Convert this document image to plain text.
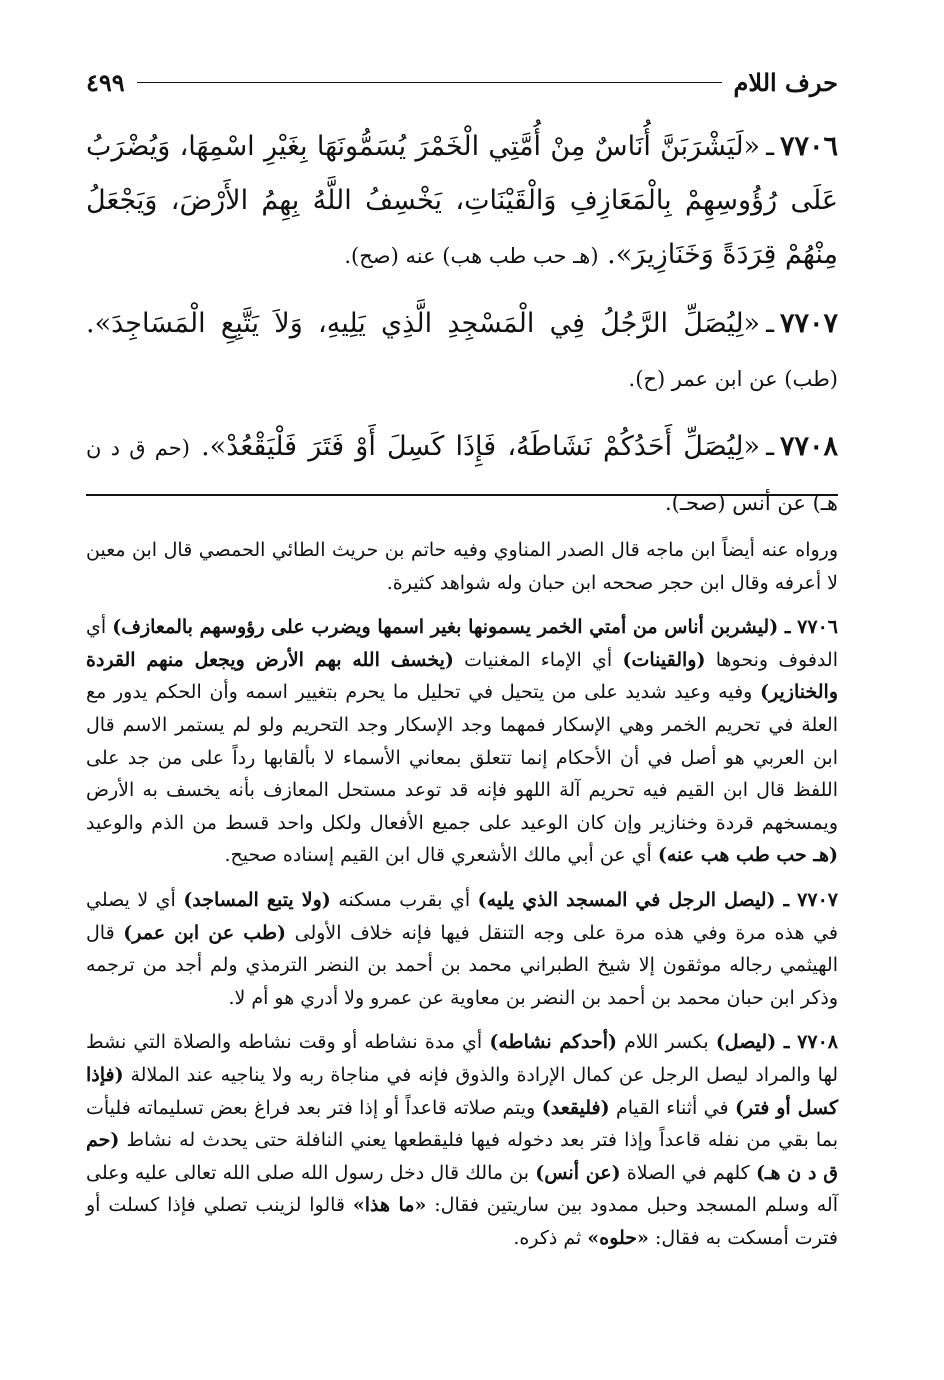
حرف اللام
٤٩٩

٧٧٠٦ـ«لَيَشْرَبَنَّ أُنَاسٌ مِنْ أُمَّتِي الْخَمْرَ يُسَمُّونَهَا بِغَيْرِ اسْمِهَا، وَيُضْرَبُ عَلَى رُؤُوسِهِمْ بِالْمَعَازِفِ وَالْقَيْنَاتِ، يَخْسِفُ اللَّهُ بِهِمُ الأَرْضَ، وَيَجْعَلُ مِنْهُمْ قِرَدَةً وَخَنَازِيرَ». (هـ حب طب هب) عنه (صح).

٧٧٠٧ـ«لِيُصَلِّ الرَّجُلُ فِي الْمَسْجِدِ الَّذِي يَلِيهِ، وَلاَ يَتَّبِعِ الْمَسَاجِدَ». (طب) عن ابن عمر (ح).

٧٧٠٨ـ«لِيُصَلِّ أَحَدُكُمْ نَشَاطَهُ، فَإِذَا كَسِلَ أَوْ فَتَرَ فَلْيَقْعُدْ». (حم ق د ن هـ) عن أنس (صحـ).

ورواه عنه أيضاً ابن ماجه قال الصدر المناوي وفيه حاتم بن حريث الطائي الحمصي قال ابن معين لا أعرفه وقال ابن حجر صححه ابن حبان وله شواهد كثيرة.

٧٧٠٦ ـ (ليشربن أناس من أمتي الخمر يسمونها بغير اسمها ويضرب على رؤوسهم بالمعازف) أي الدفوف ونحوها (والقينات) أي الإماء المغنيات (يخسف الله بهم الأرض ويجعل منهم القردة والخنازير) وفيه وعيد شديد على من يتحيل في تحليل ما يحرم بتغيير اسمه وأن الحكم يدور مع العلة في تحريم الخمر وهي الإسكار فمهما وجد الإسكار وجد التحريم ولو لم يستمر الاسم قال ابن العربي هو أصل في أن الأحكام إنما تتعلق بمعاني الأسماء لا بألقابها رداً على من جد على اللفظ قال ابن القيم فيه تحريم آلة اللهو فإنه قد توعد مستحل المعازف بأنه يخسف به الأرض ويمسخهم قردة وخنازير وإن كان الوعيد على جميع الأفعال ولكل واحد قسط من الذم والوعيد (هـ حب طب هب عنه) أي عن أبي مالك الأشعري قال ابن القيم إسناده صحيح.

٧٧٠٧ ـ (ليصل الرجل في المسجد الذي يليه) أي بقرب مسكنه (ولا يتبع المساجد) أي لا يصلي في هذه مرة وفي هذه مرة على وجه التنقل فيها فإنه خلاف الأولى (طب عن ابن عمر) قال الهيثمي رجاله موثقون إلا شيخ الطبراني محمد بن أحمد بن النضر الترمذي ولم أجد من ترجمه وذكر ابن حبان محمد بن أحمد بن النضر بن معاوية عن عمرو ولا أدري هو أم لا.

٧٧٠٨ ـ (ليصل) بكسر اللام (أحدكم نشاطه) أي مدة نشاطه أو وقت نشاطه والصلاة التي نشط لها والمراد ليصل الرجل عن كمال الإرادة والذوق فإنه في مناجاة ربه ولا يناجيه عند الملالة (فإذا كسل أو فتر) في أثناء القيام (فليقعد) ويتم صلاته قاعداً أو إذا فتر بعد فراغ بعض تسليماته فليأت بما بقي من نفله قاعداً وإذا فتر بعد دخوله فيها فليقطعها يعني النافلة حتى يحدث له نشاط (حم ق د ن هـ) كلهم في الصلاة (عن أنس) بن مالك قال دخل رسول الله صلى الله تعالى عليه وعلى آله وسلم المسجد وحبل ممدود بين ساريتين فقال: «ما هذا» قالوا لزينب تصلي فإذا كسلت أو فترت أمسكت به فقال: «حلوه» ثم ذكره.
